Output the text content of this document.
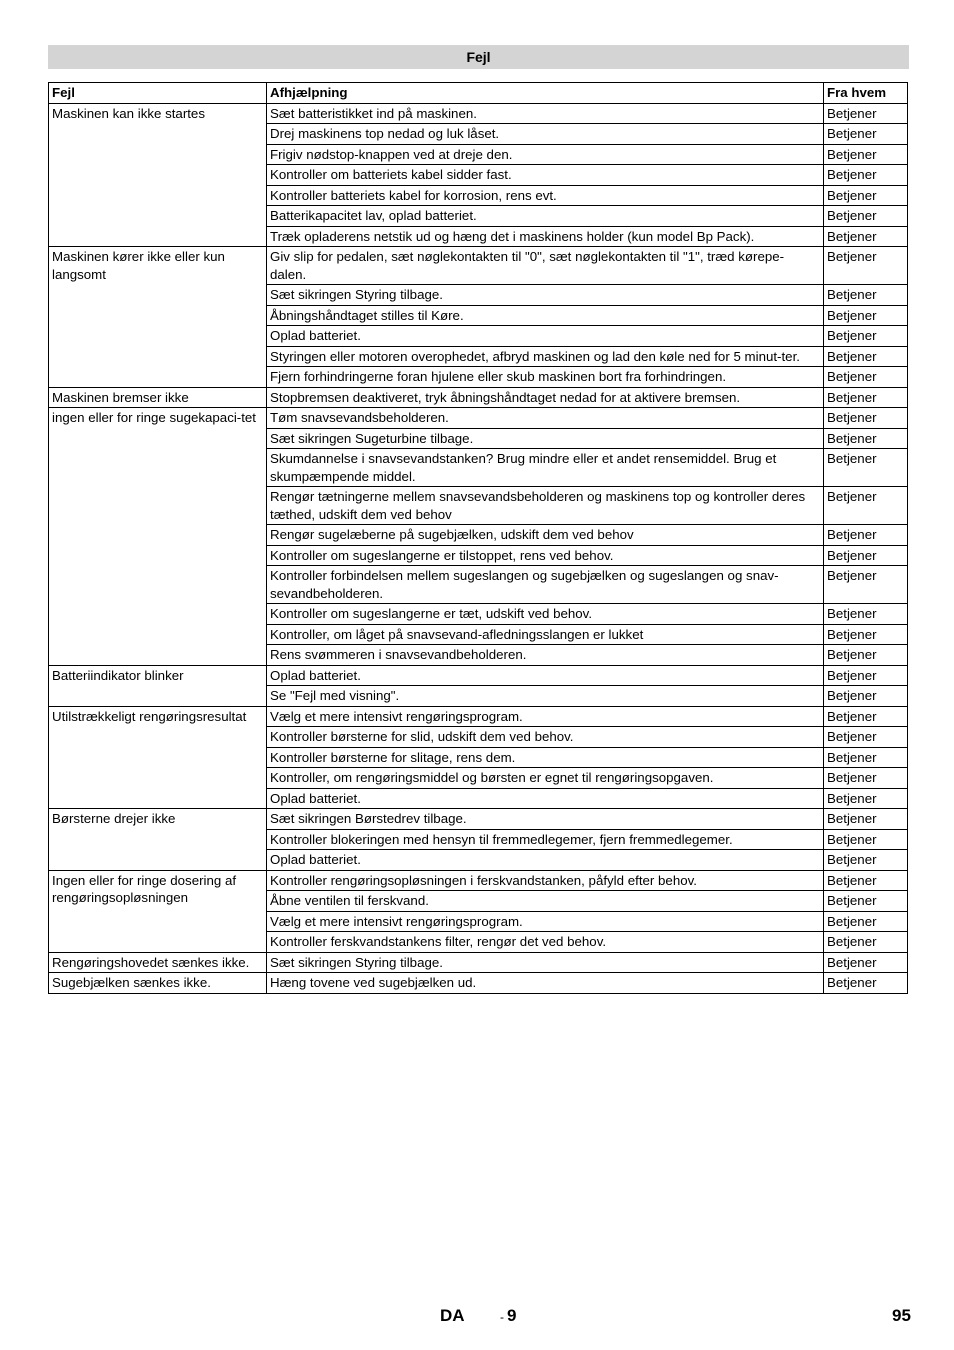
Fejl
Fejl	Afhjælpning	Fra hvem
Maskinen kan ikke startes	Sæt batteristikket ind på maskinen.	Betjener
	Drej maskinens top nedad og luk låset.	Betjener
	Frigiv nødstop-knappen ved at dreje den.	Betjener
	Kontroller om batteriets kabel sidder fast.	Betjener
	Kontroller batteriets kabel for korrosion, rens evt.	Betjener
	Batterikapacitet lav, oplad batteriet.	Betjener
	Træk opladerens netstik ud og hæng det i maskinens holder (kun model Bp Pack).	Betjener
Maskinen kører ikke eller kun langsomt	Giv slip for pedalen, sæt nøglekontakten til "0", sæt nøglekontakten til "1", træd kørepe-dalen.	Betjener
	Sæt sikringen Styring tilbage.	Betjener
	Åbningshåndtaget stilles til Køre.	Betjener
	Oplad batteriet.	Betjener
	Styringen eller motoren overophedet, afbryd maskinen og lad den køle ned for 5 minut-ter.	Betjener
	Fjern forhindringerne foran hjulene eller skub maskinen bort fra forhindringen.	Betjener
Maskinen bremser ikke	Stopbremsen deaktiveret, tryk åbningshåndtaget nedad for at aktivere bremsen.	Betjener
ingen eller for ringe sugekapaci-tet	Tøm snavsevandsbeholderen.	Betjener
	Sæt sikringen Sugeturbine tilbage.	Betjener
	Skumdannelse i snavsevandstanken? Brug mindre eller et andet rensemiddel. Brug et skumpæmpende middel.	Betjener
	Rengør tætningerne mellem snavsevandsbeholderen og maskinens top og kontroller deres tæthed, udskift dem ved behov	Betjener
	Rengør sugelæberne på sugebjælken, udskift dem ved behov	Betjener
	Kontroller om sugeslangerne er tilstoppet, rens ved behov.	Betjener
	Kontroller forbindelsen mellem sugeslangen og sugebjælken og sugeslangen og snav-sevandbeholderen.	Betjener
	Kontroller om sugeslangerne er tæt, udskift ved behov.	Betjener
	Kontroller, om låget på snavsevand-afledningsslangen er lukket	Betjener
	Rens svømmeren i snavsevandbeholderen.	Betjener
Batteriindikator blinker	Oplad batteriet.	Betjener
	Se "Fejl med visning".	Betjener
Utilstrækkeligt rengøringsresultat	Vælg et mere intensivt rengøringsprogram.	Betjener
	Kontroller børsterne for slid, udskift dem ved behov.	Betjener
	Kontroller børsterne for slitage, rens dem.	Betjener
	Kontroller, om rengøringsmiddel og børsten er egnet til rengøringsopgaven.	Betjener
	Oplad batteriet.	Betjener
Børsterne drejer ikke	Sæt sikringen Børstedrev tilbage.	Betjener
	Kontroller blokeringen med hensyn til fremmedlegemer, fjern fremmedlegemer.	Betjener
	Oplad batteriet.	Betjener
Ingen eller for ringe dosering af rengøringsopløsningen	Kontroller rengøringsopløsningen i ferskvandstanken, påfyld efter behov.	Betjener
	Åbne ventilen til ferskvand.	Betjener
	Vælg et mere intensivt rengøringsprogram.	Betjener
	Kontroller ferskvandstankens filter, rengør det ved behov.	Betjener
Rengøringshovedet sænkes ikke.	Sæt sikringen Styring tilbage.	Betjener
Sugebjælken sænkes ikke.	Hæng tovene ved sugebjælken ud.	Betjener
DA	- 9	95
